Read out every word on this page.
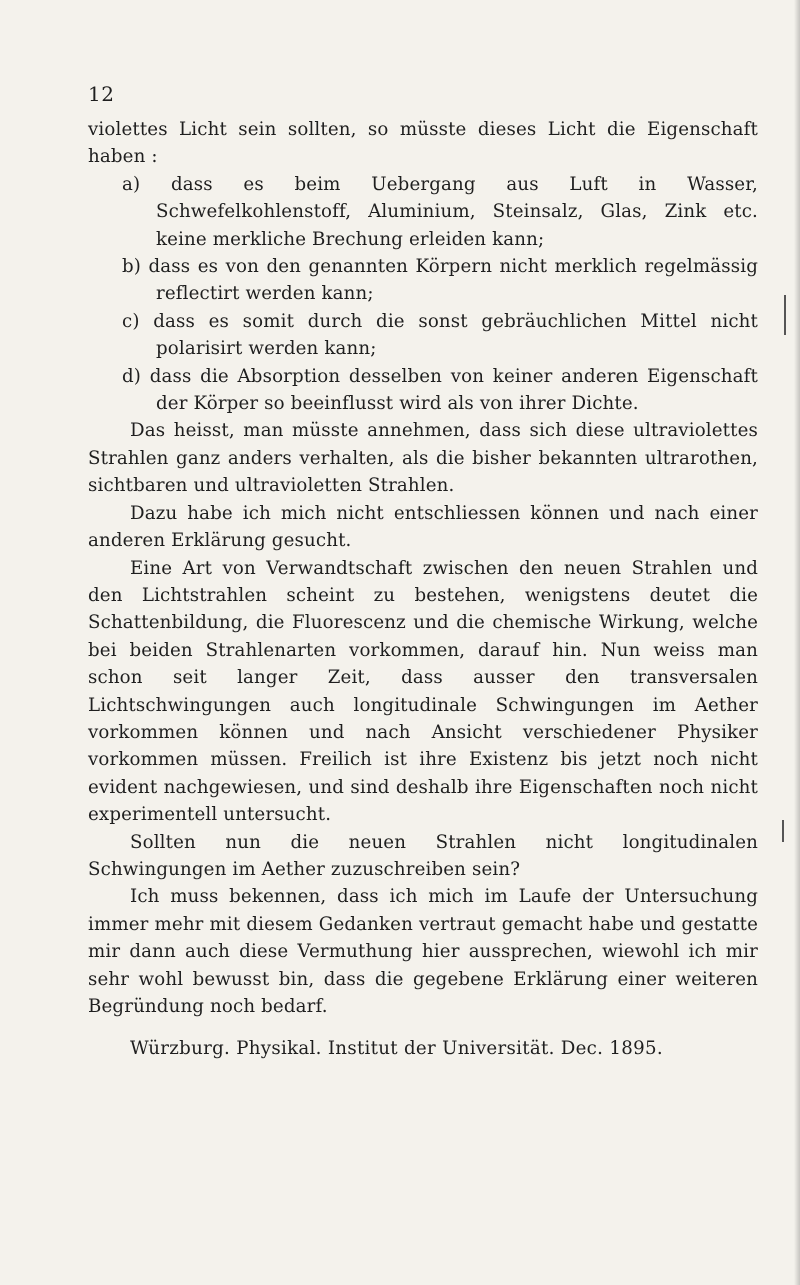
12

violettes Licht sein sollten, so müsste dieses Licht die Eigenschaft haben :

a) dass es beim Uebergang aus Luft in Wasser, Schwefelkohlenstoff, Aluminium, Steinsalz, Glas, Zink etc. keine merkliche Brechung erleiden kann;

b) dass es von den genannten Körpern nicht merklich regelmässig reflectirt werden kann;

c) dass es somit durch die sonst gebräuchlichen Mittel nicht polarisirt werden kann;

d) dass die Absorption desselben von keiner anderen Eigenschaft der Körper so beeinflusst wird als von ihrer Dichte.

Das heisst, man müsste annehmen, dass sich diese ultraviolettes Strahlen ganz anders verhalten, als die bisher bekannten ultrarothen, sichtbaren und ultravioletten Strahlen.

Dazu habe ich mich nicht entschliessen können und nach einer anderen Erklärung gesucht.

Eine Art von Verwandtschaft zwischen den neuen Strahlen und den Lichtstrahlen scheint zu bestehen, wenigstens deutet die Schattenbildung, die Fluorescenz und die chemische Wirkung, welche bei beiden Strahlenarten vorkommen, darauf hin. Nun weiss man schon seit langer Zeit, dass ausser den transversalen Lichtschwingungen auch longitudinale Schwingungen im Aether vorkommen können und nach Ansicht verschiedener Physiker vorkommen müssen. Freilich ist ihre Existenz bis jetzt noch nicht evident nachgewiesen, und sind deshalb ihre Eigenschaften noch nicht experimentell untersucht.

Sollten nun die neuen Strahlen nicht longitudinalen Schwingungen im Aether zuzuschreiben sein?

Ich muss bekennen, dass ich mich im Laufe der Untersuchung immer mehr mit diesem Gedanken vertraut gemacht habe und gestatte mir dann auch diese Vermuthung hier aussprechen, wiewohl ich mir sehr wohl bewusst bin, dass die gegebene Erklärung einer weiteren Begründung noch bedarf.

Würzburg. Physikal. Institut der Universität. Dec. 1895.
